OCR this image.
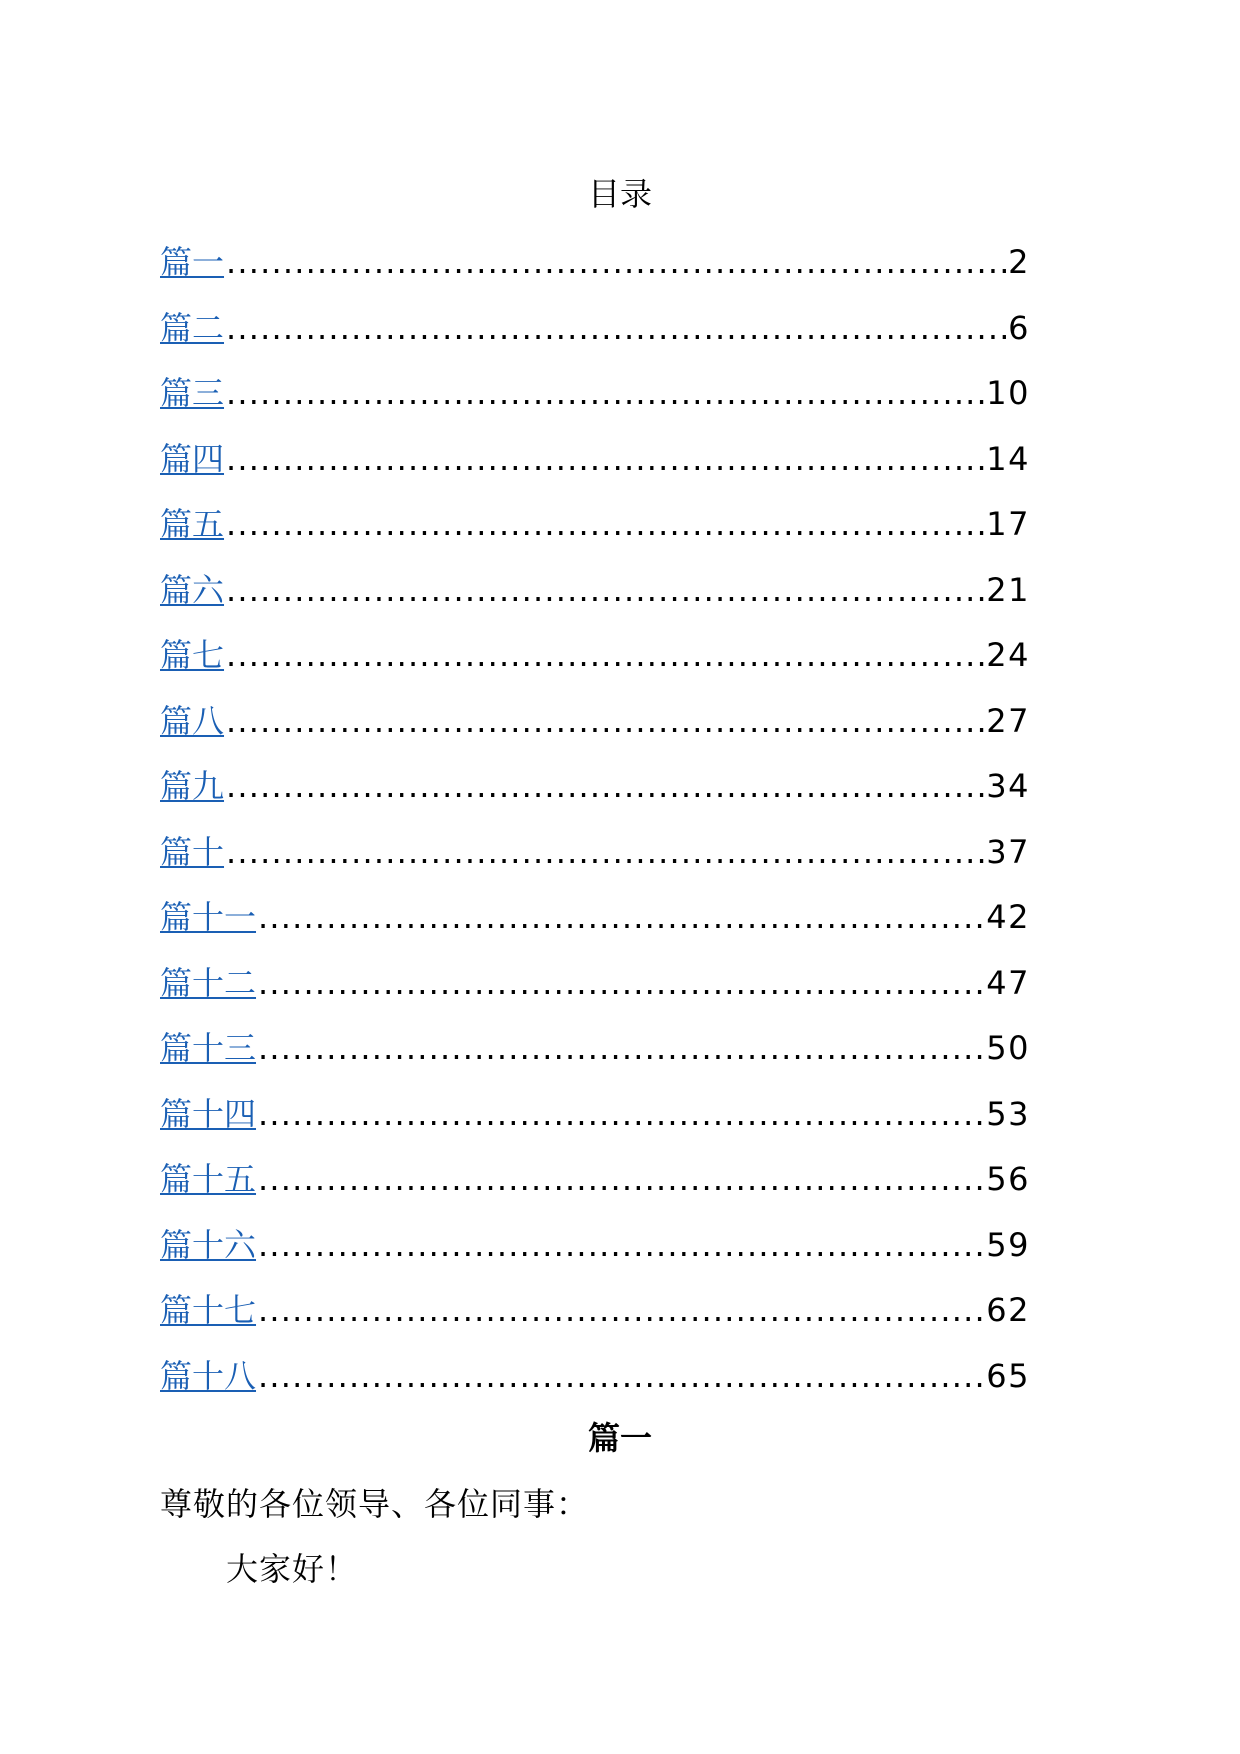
目录
篇一 .....	2
篇二 .....	6
篇三 .....	10
篇四 .....	14
篇五 .....	17
篇六 .....	21
篇七 .....	24
篇八 .....	27
篇九 .....	34
篇十 .....	37
篇十一 .....	42
篇十二 .....	47
篇十三 .....	50
篇十四 .....	53
篇十五 .....	56
篇十六 .....	59
篇十七 .....	62
篇十八 .....	65
篇一
尊敬的各位领导、各位同事：
大家好！
